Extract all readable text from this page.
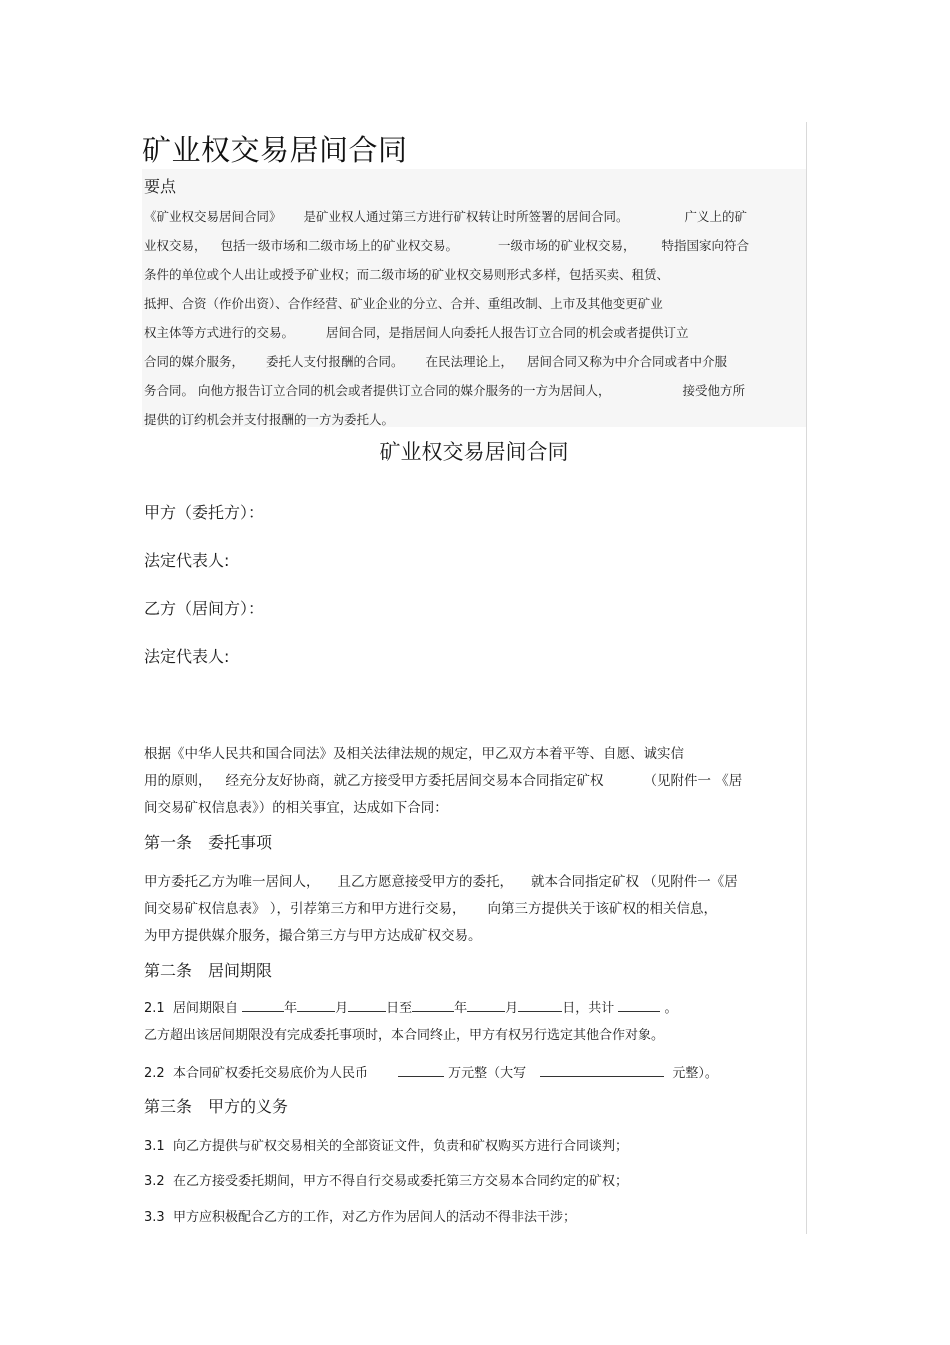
矿业权交易居间合同
要点
《矿业权交易居间合同》 是矿业权人通过第三方进行矿权转让时所签署的居间合同。	广义上的矿
业权交易， 包括一级市场和二级市场上的矿业权交易。	一级市场的矿业权交易， 特指国家向符合
条件的单位或个人出让或授予矿业权；而二级市场的矿业权交易则形式多样，包括买卖、租赁、
抵押、合资（作价出资）、合作经营、矿业企业的分立、合并、重组改制、上市及其他变更矿业
权主体等方式进行的交易。	居间合同，是指居间人向委托人报告订立合同的机会或者提供订立
合同的媒介服务， 委托人支付报酬的合同。 在民法理论上， 居间合同又称为中介合同或者中介服
务合同。 向他方报告订立合同的机会或者提供订立合同的媒介服务的一方为居间人，	接受他方所
提供的订约机会并支付报酬的一方为委托人。
矿业权交易居间合同
甲方（委托方）：
法定代表人:
乙方（居间方）：
法定代表人:
根据《中华人民共和国合同法》及相关法律法规的规定，甲乙双方本着平等、自愿、诚实信
用的原则， 经充分友好协商，就乙方接受甲方委托居间交易本合同指定矿权	（见附件一 《居
间交易矿权信息表》）的相关事宜，达成如下合同：
第一条　委托事项
甲方委托乙方为唯一居间人， 且乙方愿意接受甲方的委托， 就本合同指定矿权 （见附件一《居
间交易矿权信息表》 ），引荐第三方和甲方进行交易， 向第三方提供关于该矿权的相关信息，
为甲方提供媒介服务，撮合第三方与甲方达成矿权交易。
第二条　居间期限
2.1 居间期限自	年	月	日至	年	月	日，共计	。
乙方超出该居间期限没有完成委托事项时，本合同终止，甲方有权另行选定其他合作对象。
2.2 本合同矿权委托交易底价为人民币	万元整（大写	元整）。
第三条　甲方的义务
3.1 向乙方提供与矿权交易相关的全部资证文件，负责和矿权购买方进行合同谈判；
3.2 在乙方接受委托期间，甲方不得自行交易或委托第三方交易本合同约定的矿权；
3.3 甲方应积极配合乙方的工作，对乙方作为居间人的活动不得非法干涉；
